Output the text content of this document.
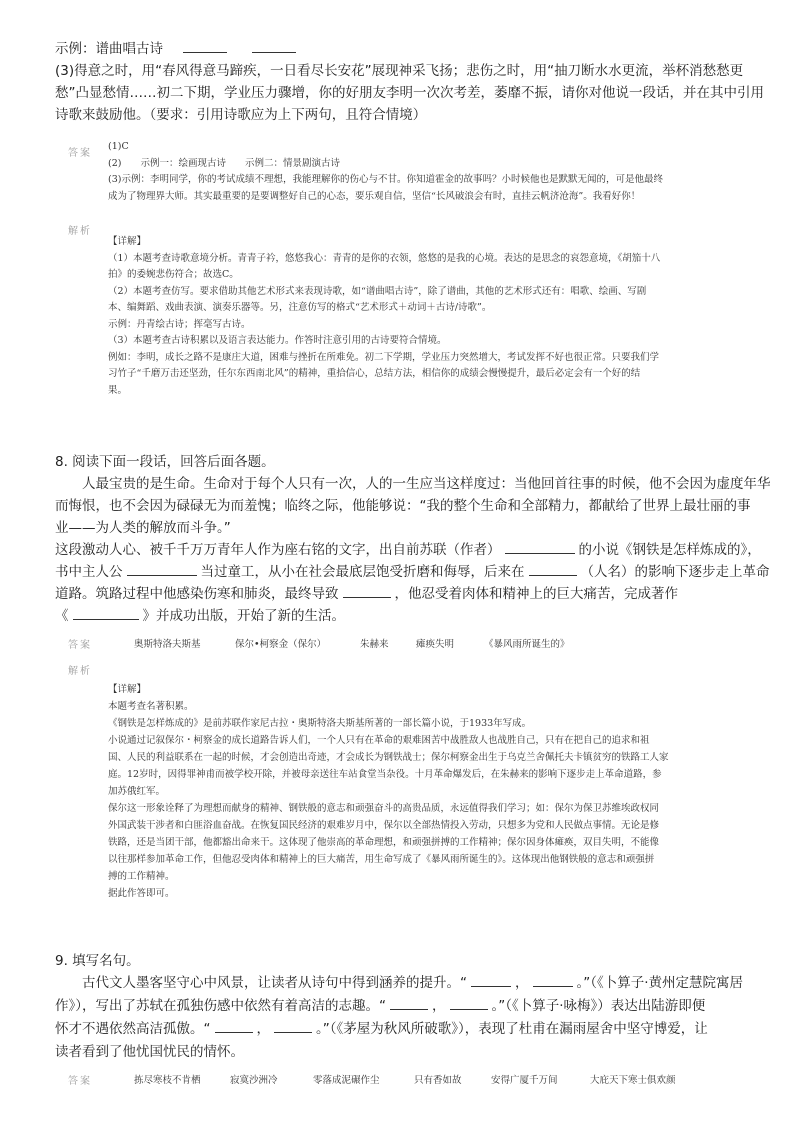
示例：谱曲唱古诗
(3)得意之时，用“春风得意马蹄疾，一日看尽长安花”展现神采飞扬；悲伤之时，用“抽刀断水水更流，举杯消愁愁更
愁”凸显愁情……初二下期，学业压力骤增，你的好朋友李明一次次考差，萎靡不振，请你对他说一段话，并在其中引用
诗歌来鼓励他。（要求：引用诗歌应为上下两句，且符合情境）
答案
(1)C
(2)　　示例一：绘画现古诗　　示例二：情景剧演古诗
(3)示例：李明同学，你的考试成绩不理想，我能理解你的伤心与不甘。你知道霍金的故事吗？小时候他也是默默无闻的，可是他最终
成为了物理界大师。其实最重要的是要调整好自己的心态，要乐观自信，坚信“长风破浪会有时，直挂云帆济沧海”。我看好你！
解析
【详解】
（1）本题考查诗歌意境分析。青青子衿，悠悠我心：青青的是你的衣领，悠悠的是我的心境。表达的是思念的哀怨意境，《胡笳十八
拍》的委婉悲伤符合；故选C。
（2）本题考查仿写。要求借助其他艺术形式来表现诗歌，如“谱曲唱古诗”，除了谱曲，其他的艺术形式还有：唱歌、绘画、写剧
本、编舞蹈、戏曲表演、演奏乐器等。另，注意仿写的格式“艺术形式＋动词＋古诗/诗歌”。
示例：丹青绘古诗；挥毫写古诗。
（3）本题考查古诗积累以及语言表达能力。作答时注意引用的古诗要符合情境。
例如：李明，成长之路不是康庄大道，困难与挫折在所难免。初二下学期，学业压力突然增大，考试发挥不好也很正常。只要我们学
习竹子“千磨万击还坚劲，任尔东西南北风”的精神，重拾信心，总结方法，相信你的成绩会慢慢提升，最后必定会有一个好的结
果。
8. 阅读下面一段话，回答后面各题。
人最宝贵的是生命。生命对于每个人只有一次，人的一生应当这样度过：当他回首往事的时候，他不会因为虚度年华
而悔恨，也不会因为碌碌无为而羞愧；临终之际，他能够说：“我的整个生命和全部精力，都献给了世界上最壮丽的事
业——为人类的解放而斗争。”
这段激动人心、被千千万万青年人作为座右铭的文字，出自前苏联（作者）	的小说《钢铁是怎样炼成的》，
书中主人公	当过童工，从小在社会最底层饱受折磨和侮辱，后来在	（人名）的影响下逐步走上革命
道路。筑路过程中他感染伤寒和肺炎，最终导致	，他忍受着肉体和精神上的巨大痛苦，完成著作
《	》并成功出版，开始了新的生活。
答案	奥斯特洛夫斯基	保尔•柯察金（保尔）	朱赫来	瘫痪失明	《暴风雨所诞生的》
解析
【详解】
本题考查名著积累。
《钢铁是怎样炼成的》是前苏联作家尼古拉・奥斯特洛夫斯基所著的一部长篇小说，于1933年写成。
小说通过记叙保尔・柯察金的成长道路告诉人们，一个人只有在革命的艰难困苦中战胜敌人也战胜自己，只有在把自己的追求和祖
国、人民的利益联系在一起的时候，才会创造出奇迹，才会成长为钢铁战士；保尔柯察金出生于乌克兰舍佩托夫卡镇贫穷的铁路工人家
庭。12岁时，因得罪神甫而被学校开除，并被母亲送往车站食堂当杂役。十月革命爆发后，在朱赫来的影响下逐步走上革命道路，参
加苏俄红军。
保尔这一形象诠释了为理想而献身的精神、钢铁般的意志和顽强奋斗的高贵品质，永远值得我们学习；如：保尔为保卫苏维埃政权同
外国武装干涉者和白匪浴血奋战。在恢复国民经济的艰难岁月中，保尔以全部热情投入劳动，只想多为党和人民做点事情。无论是修
铁路，还是当团干部，他都豁出命来干。这体现了他崇高的革命理想，和顽强拼搏的工作精神；保尔因身体瘫痪，双目失明，不能像
以往那样参加革命工作，但他忍受肉体和精神上的巨大痛苦，用生命写成了《暴风雨所诞生的》。这体现出他钢铁般的意志和顽强拼
搏的工作精神。
据此作答即可。
9. 填写名句。
古代文人墨客坚守心中风景，让读者从诗句中得到涵养的提升。“	，	。”（《卜算子·黄州定慧院寓居
作》），写出了苏轼在孤独伤感中依然有着高洁的志趣。“	，	。”（《卜算子·咏梅》）表达出陆游即便
怀才不遇依然高洁孤傲。“	，	。”（《茅屋为秋风所破歌》），表现了杜甫在漏雨屋舍中坚守博爱，让
读者看到了他忧国忧民的情怀。
答案	拣尽寒枝不肯栖	寂寞沙洲冷	零落成泥碾作尘	只有香如故	安得广厦千万间	大庇天下寒士俱欢颜
